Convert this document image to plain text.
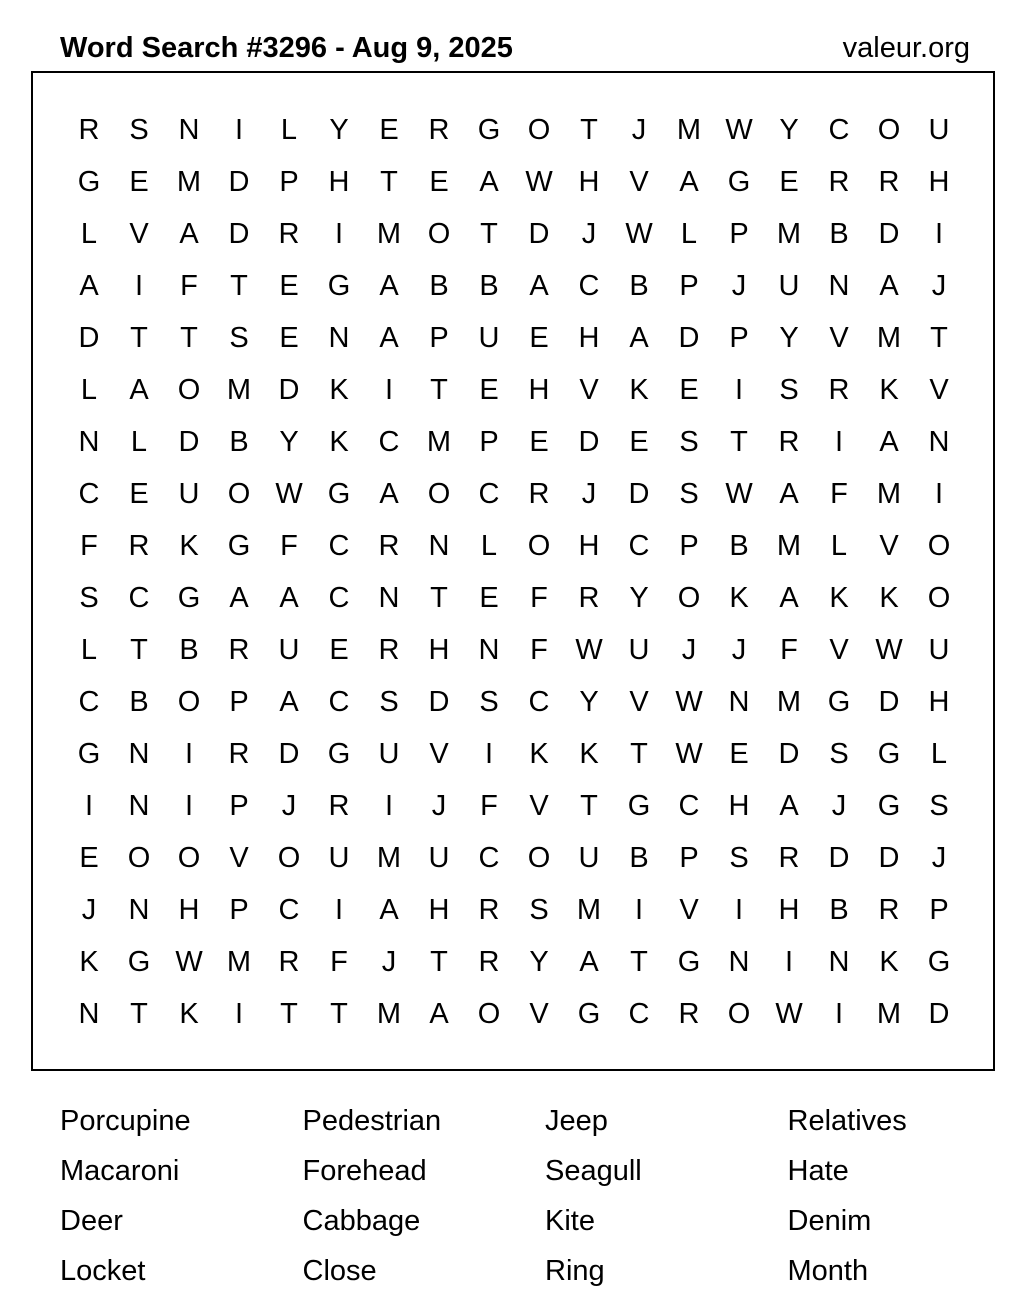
Word Search #3296 - Aug 9, 2025	valeur.org
R	S	N	I	L	Y	E	R G O	T	J	M W Y	C O U
G	E M D	P	H	T	E	A W H	V	A	G	E	R	R	H
L	V	A	D	R	I	M O	T	D	J	W L	P M B	D	I
A	I	F	T	E	G	A	B	B	A	C	B	P	J	U	N	A	J
D	T	T	S	E	N	A	P	U	E	H	A	D	P	Y	V M	T
L	A	O M D	K	I	T	E	H	V	K	E	I	S	R	K	V
N	L	D	B	Y	K	C M P	E	D	E	S	T	R	I	A	N
C	E	U O W G	A	O C	R	J	D	S W A	F	M	I
F	R	K	G	F	C	R	N	L	O H	C	P	B M	L	V	O
S	C G	A	A	C	N	T	E	F	R	Y	O	K	A	K	K	O
L	T	B	R	U	E	R	H	N	F W U	J	J	F	V W U
C	B	O	P	A	C	S	D	S	C	Y	V W N M G D	H
G N	I	R	D G U	V	I	K	K	T W E	D	S	G	L
I	N	I	P	J	R	I	J	F	V	T	G C	H	A	J	G	S
E	O O	V	O U M U	C O U	B	P	S	R	D	D	J
J	N	H	P	C	I	A	H	R	S M	I	V	I	H	B	R	P
K	G W M R	F	J	T	R	Y	A	T	G N	I	N	K	G
N	T	K	I	T	T	M A	O	V	G C	R O W	I	M D
Porcupine	Pedestrian	Jeep	Relatives
Macaroni	Forehead	Seagull	Hate
Deer	Cabbage	Kite	Denim
Locket	Close	Ring	Month
